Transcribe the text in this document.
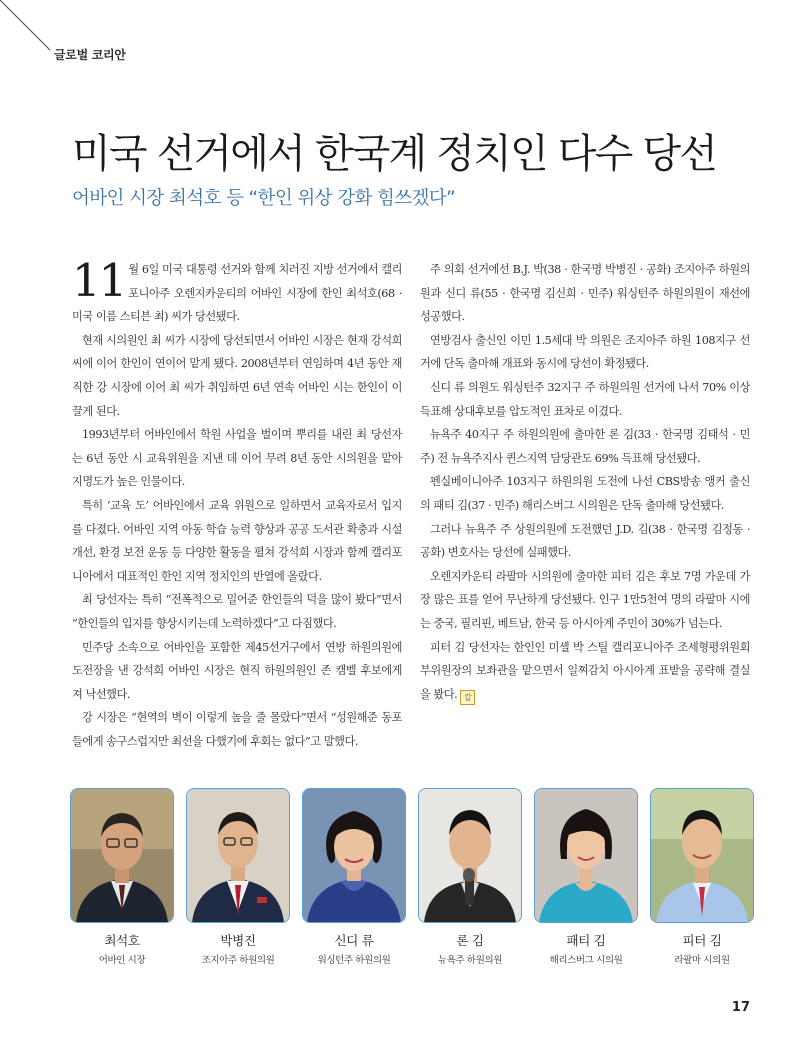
글로벌 코리안
미국 선거에서 한국계 정치인 다수 당선
어바인 시장 최석호 등 “한인 위상 강화 힘쓰겠다”

11 월 6일 미국 대통령 선거와 함께 치러진 지방 선거에서 캘리포니아주 오렌지카운티의 어바인 시장에 한인 최석호(68 · 미국 이름 스티븐 최) 씨가 당선됐다.

현재 시의원인 최 씨가 시장에 당선되면서 어바인 시장은 현재 강석희 씨에 이어 한인이 연이어 맡게 됐다. 2008년부터 연임하며 4년 동안 재직한 강 시장에 이어 최 씨가 취임하면 6년 연속 어바인 시는 한인이 이끌게 된다.

1993년부터 어바인에서 학원 사업을 벌이며 뿌리를 내린 최 당선자는 6년 동안 시 교육위원을 지낸 데 이어 무려 8년 동안 시의원을 맡아 지명도가 높은 인물이다.

특히 ‘교육 도’ 어바인에서 교육 위원으로 일하면서 교육자로서 입지를 다졌다. 어바인 지역 아동 학습 능력 향상과 공공 도서관 확충과 시설 개선, 환경 보전 운동 등 다양한 활동을 펼쳐 강석희 시장과 함께 캘리포니아에서 대표적인 한인 지역 정치인의 반열에 올랐다.

최 당선자는 특히 “전폭적으로 밀어준 한인들의 덕을 많이 봤다”면서 “한인들의 입지를 향상시키는데 노력하겠다”고 다짐했다.

민주당 소속으로 어바인을 포함한 제45선거구에서 연방 하원의원에 도전장을 낸 강석희 어바인 시장은 현직 하원의원인 존 캠벨 후보에게 져 낙선했다.

강 시장은 “현역의 벽이 이렇게 높을 줄 몰랐다”면서 “성원해준 동포들에게 송구스럽지만 최선을 다했기에 후회는 없다”고 말했다.

주 의회 선거에선 B.J. 박(38 · 한국명 박병진 · 공화) 조지아주 하원의원과 신디 류(55 · 한국명 김신희 · 민주) 워싱턴주 하원의원이 재선에 성공했다.

연방검사 출신인 이민 1.5세대 박 의원은 조지아주 하원 108지구 선거에 단독 출마해 개표와 동시에 당선이 확정됐다.

신디 류 의원도 워싱턴주 32지구 주 하원의원 선거에 나서 70% 이상 득표해 상대후보를 압도적인 표차로 이겼다.

뉴욕주 40지구 주 하원의원에 출마한 론 김(33 · 한국명 김태석 · 민주) 전 뉴욕주지사 퀸스지역 담당관도 69% 득표해 당선됐다.

펜실베이니아주 103지구 하원의원 도전에 나선 CBS방송 앵커 출신의 패티 김(37 · 민주) 해리스버그 시의원은 단독 출마해 당선됐다.

그러나 뉴욕주 주 상원의원에 도전했던 J.D. 김(38 · 한국명 김정동 · 공화) 변호사는 당선에 실패했다.

오렌지카운티 라팔마 시의원에 출마한 피터 김은 후보 7명 가운데 가장 많은 표를 얻어 무난하게 당선됐다. 인구 1만5천여 명의 라팔마 시에는 중국, 필리핀, 베트남, 한국 등 아시아계 주민이 30%가 넘는다.

피터 김 당선자는 한인인 미셸 박 스틸 캘리포니아주 조세형평위원회 부위원장의 보좌관을 맡으면서 일찌감치 아시아계 표밭을 공략해 결실을 봤다. 칼

최석호
어바인 시장
박병진
조지아주 하원의원
신디 류
워싱턴주 하원의원
론 김
뉴욕주 하원의원
패티 김
해리스버그 시의원
피터 김
라팔마 시의원
17
